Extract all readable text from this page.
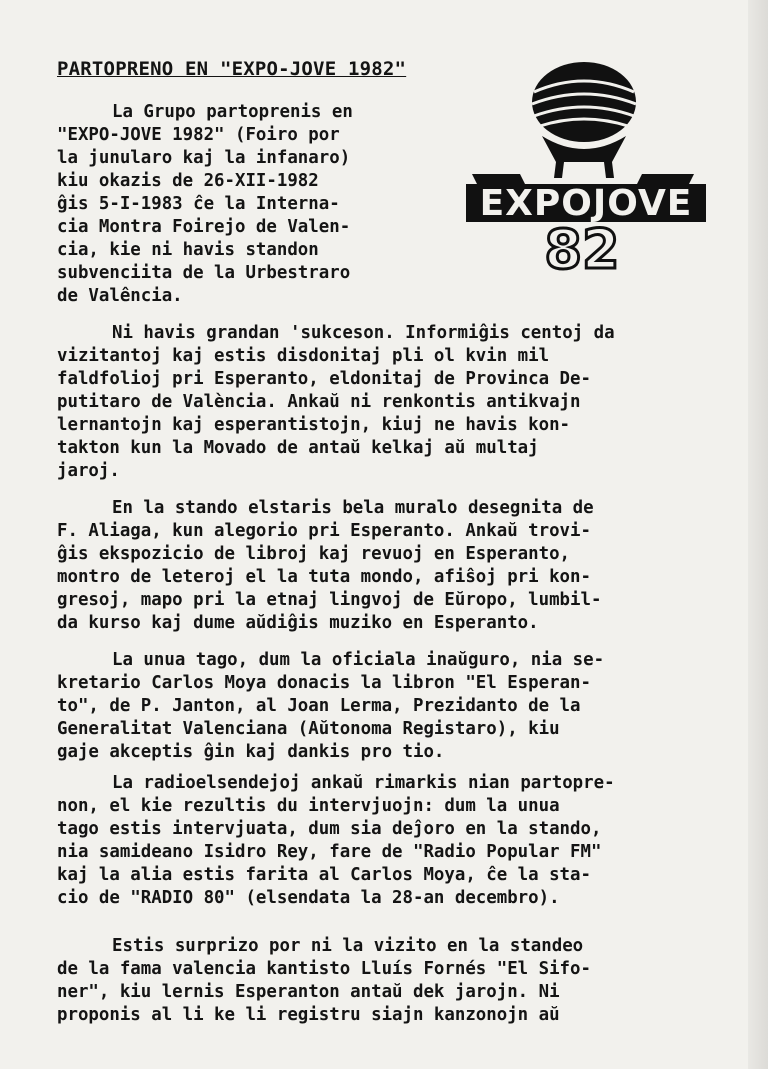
PARTOPRENO EN "EXPO-JOVE 1982"
EXPOJOVE
82
La Grupo partoprenis en
"EXPO-JOVE 1982" (Foiro por
la junularo kaj la infanaro)
kiu okazis de 26-XII-1982
ĝis 5-I-1983 ĉe la Interna-
cia Montra Foirejo de Valen-
cia, kie ni havis standon
subvenciita de la Urbestraro
de Valência.
Ni havis grandan 'sukceson. Informiĝis centoj da
vizitantoj kaj estis disdonitaj pli ol kvin mil
faldfolioj pri Esperanto, eldonitaj de Provinca De-
putitaro de València. Ankaŭ ni renkontis antikvajn
lernantojn kaj esperantistojn, kiuj ne havis kon-
takton kun la Movado de antaŭ kelkaj aŭ multaj
jaroj.
En la stando elstaris bela muralo desegnita de
F. Aliaga, kun alegorio pri Esperanto. Ankaŭ trovi-
ĝis ekspozicio de libroj kaj revuoj en Esperanto,
montro de leteroj el la tuta mondo, afiŝoj pri kon-
gresoj, mapo pri la etnaj lingvoj de Eŭropo, lumbil-
da kurso kaj dume aŭdiĝis muziko en Esperanto.
La unua tago, dum la oficiala inaŭguro, nia se-
kretario Carlos Moya donacis la libron "El Esperan-
to", de P. Janton, al Joan Lerma, Prezidanto de la
Generalitat Valenciana (Aŭtonoma Registaro), kiu
gaje akceptis ĝin kaj dankis pro tio.
La radioelsendejoj ankaŭ rimarkis nian partopre-
non, el kie rezultis du intervjuojn: dum la unua
tago estis intervjuata, dum sia deĵoro en la stando,
nia samideano Isidro Rey, fare de "Radio Popular FM"
kaj la alia estis farita al Carlos Moya, ĉe la sta-
cio de "RADIO 80" (elsendata la 28-an decembro).
Estis surprizo por ni la vizito en la standeo
de la fama valencia kantisto Lluís Fornés "El Sifo-
ner", kiu lernis Esperanton antaŭ dek jarojn. Ni
proponis al li ke li registru siajn kanzonojn aŭ
